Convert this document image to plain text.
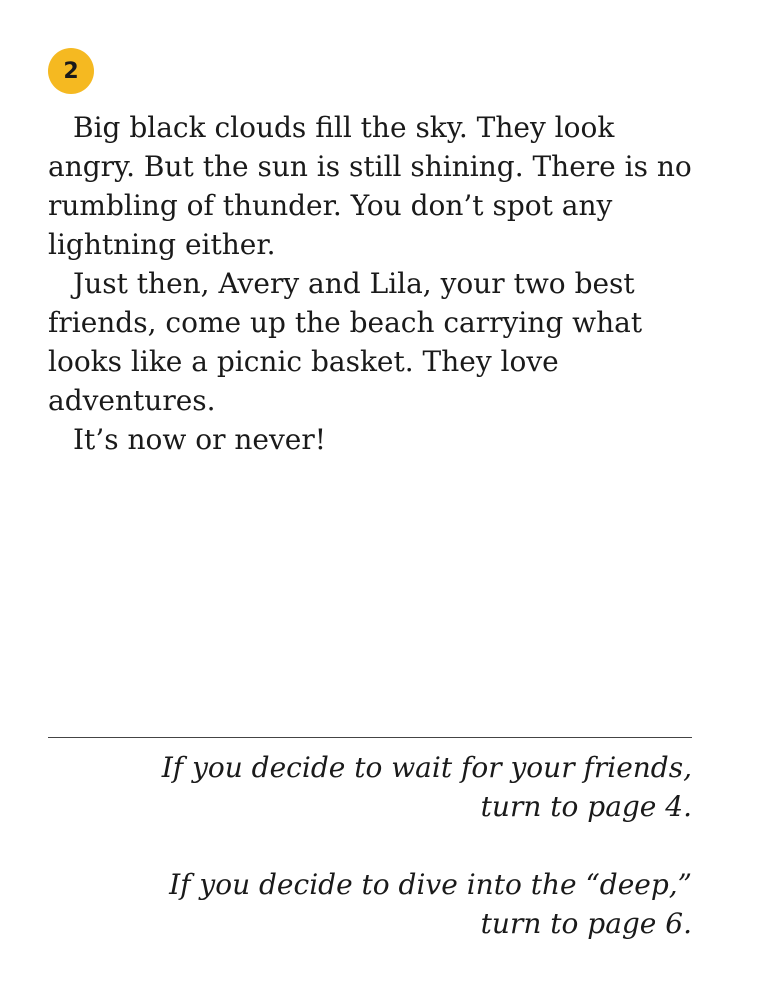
2

Big black clouds fill the sky. They look angry. But the sun is still shining. There is no rumbling of thunder. You don’t spot any lightning either.

Just then, Avery and Lila, your two best friends, come up the beach carrying what looks like a picnic basket. They love adventures.

It’s now or never!

If you decide to wait for your friends,
turn to page 4.

If you decide to dive into the “deep,”
turn to page 6.
